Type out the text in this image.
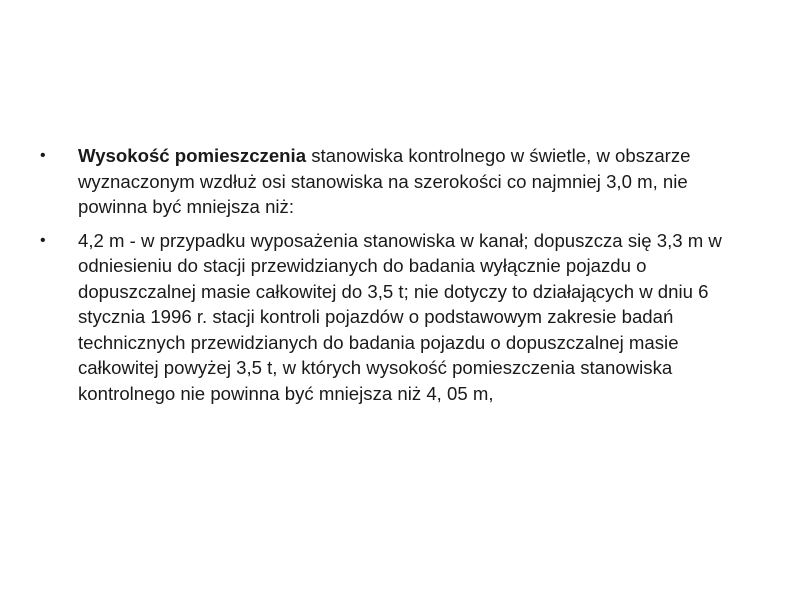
•	Wysokość pomieszczenia stanowiska kontrolnego w świetle, w obszarze wyznaczonym wzdłuż osi stanowiska na szerokości co najmniej 3,0 m, nie powinna być mniejsza niż:
•	4,2 m - w przypadku wyposażenia stanowiska w kanał; dopuszcza się 3,3 m w odniesieniu do stacji przewidzianych do badania wyłącznie pojazdu o dopuszczalnej masie całkowitej do 3,5 t; nie dotyczy to działających w dniu 6 stycznia 1996 r. stacji kontroli pojazdów o podstawowym zakresie badań technicznych przewidzianych do badania pojazdu o dopuszczalnej masie całkowitej powyżej 3,5 t, w których wysokość pomieszczenia stanowiska kontrolnego nie powinna być mniejsza niż 4, 05 m,
